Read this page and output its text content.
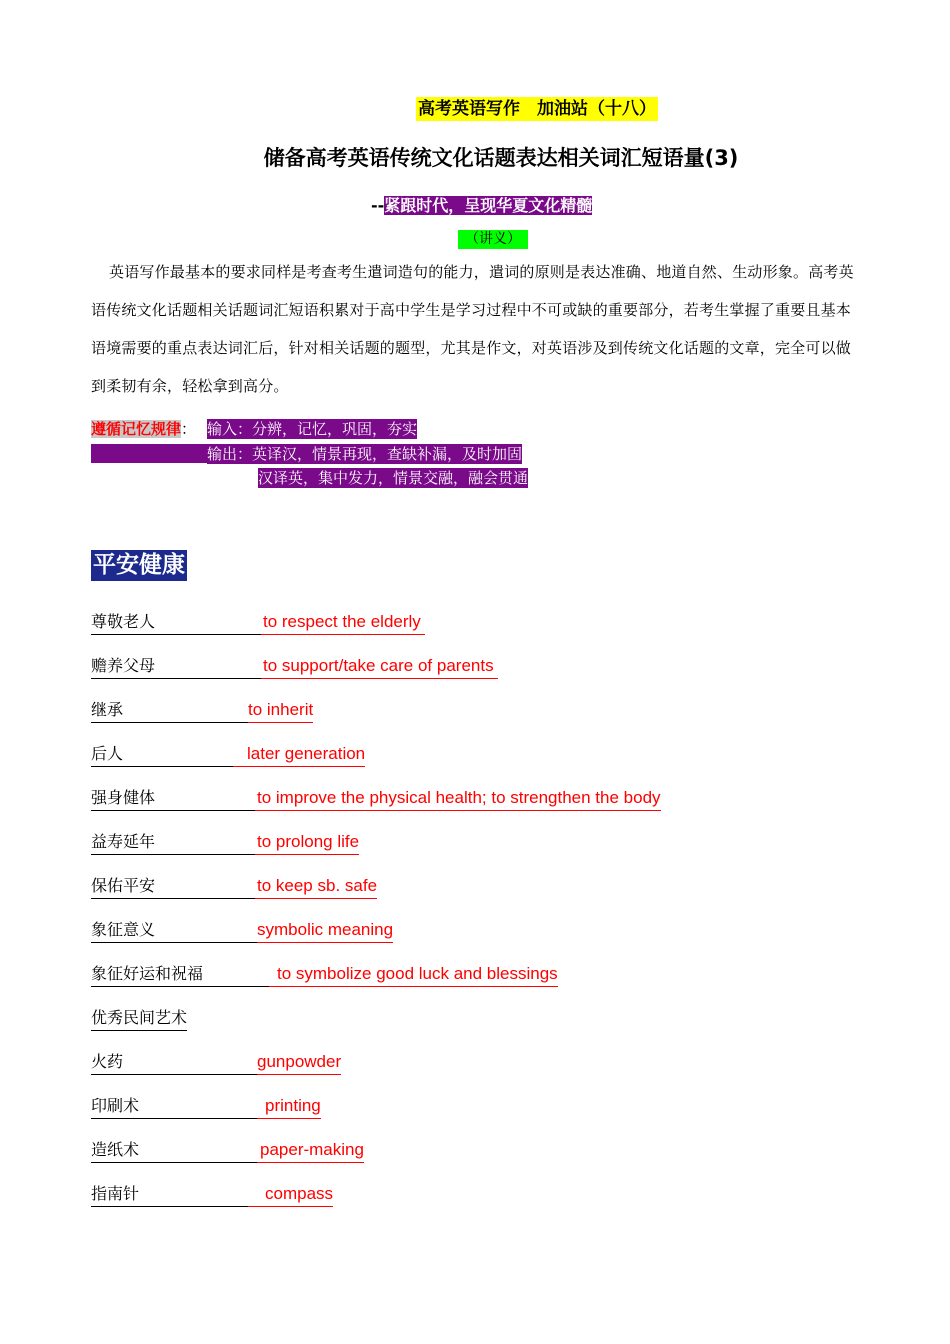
高考英语写作　加油站（十八）
储备高考英语传统文化话题表达相关词汇短语量(3)
--紧跟时代，呈现华夏文化精髓
（讲义）
英语写作最基本的要求同样是考查考生遣词造句的能力，遣词的原则是表达准确、地道自然、生动形象。高考英语传统文化话题相关话题词汇短语积累对于高中学生是学习过程中不可或缺的重要部分，若考生掌握了重要且基本语境需要的重点表达词汇后，针对相关话题的题型，尤其是作文，对英语涉及到传统文化话题的文章，完全可以做到柔韧有余，轻松拿到高分。
遵循记忆规律： 输入：分辨，记忆，巩固，夯实
输出：英译汉，情景再现，查缺补漏，及时加固
汉译英，集中发力，情景交融，融会贯通
平安健康
尊敬老人	to respect the elderly
赡养父母	to support/take care of parents
继承	to inherit
后人	later generation
强身健体	to improve the physical health; to strengthen the body
益寿延年	to prolong life
保佑平安	to keep sb. safe
象征意义	symbolic meaning
象征好运和祝福	to symbolize good luck and blessings
优秀民间艺术
火药	gunpowder
印刷术	printing
造纸术	paper-making
指南针	compass
